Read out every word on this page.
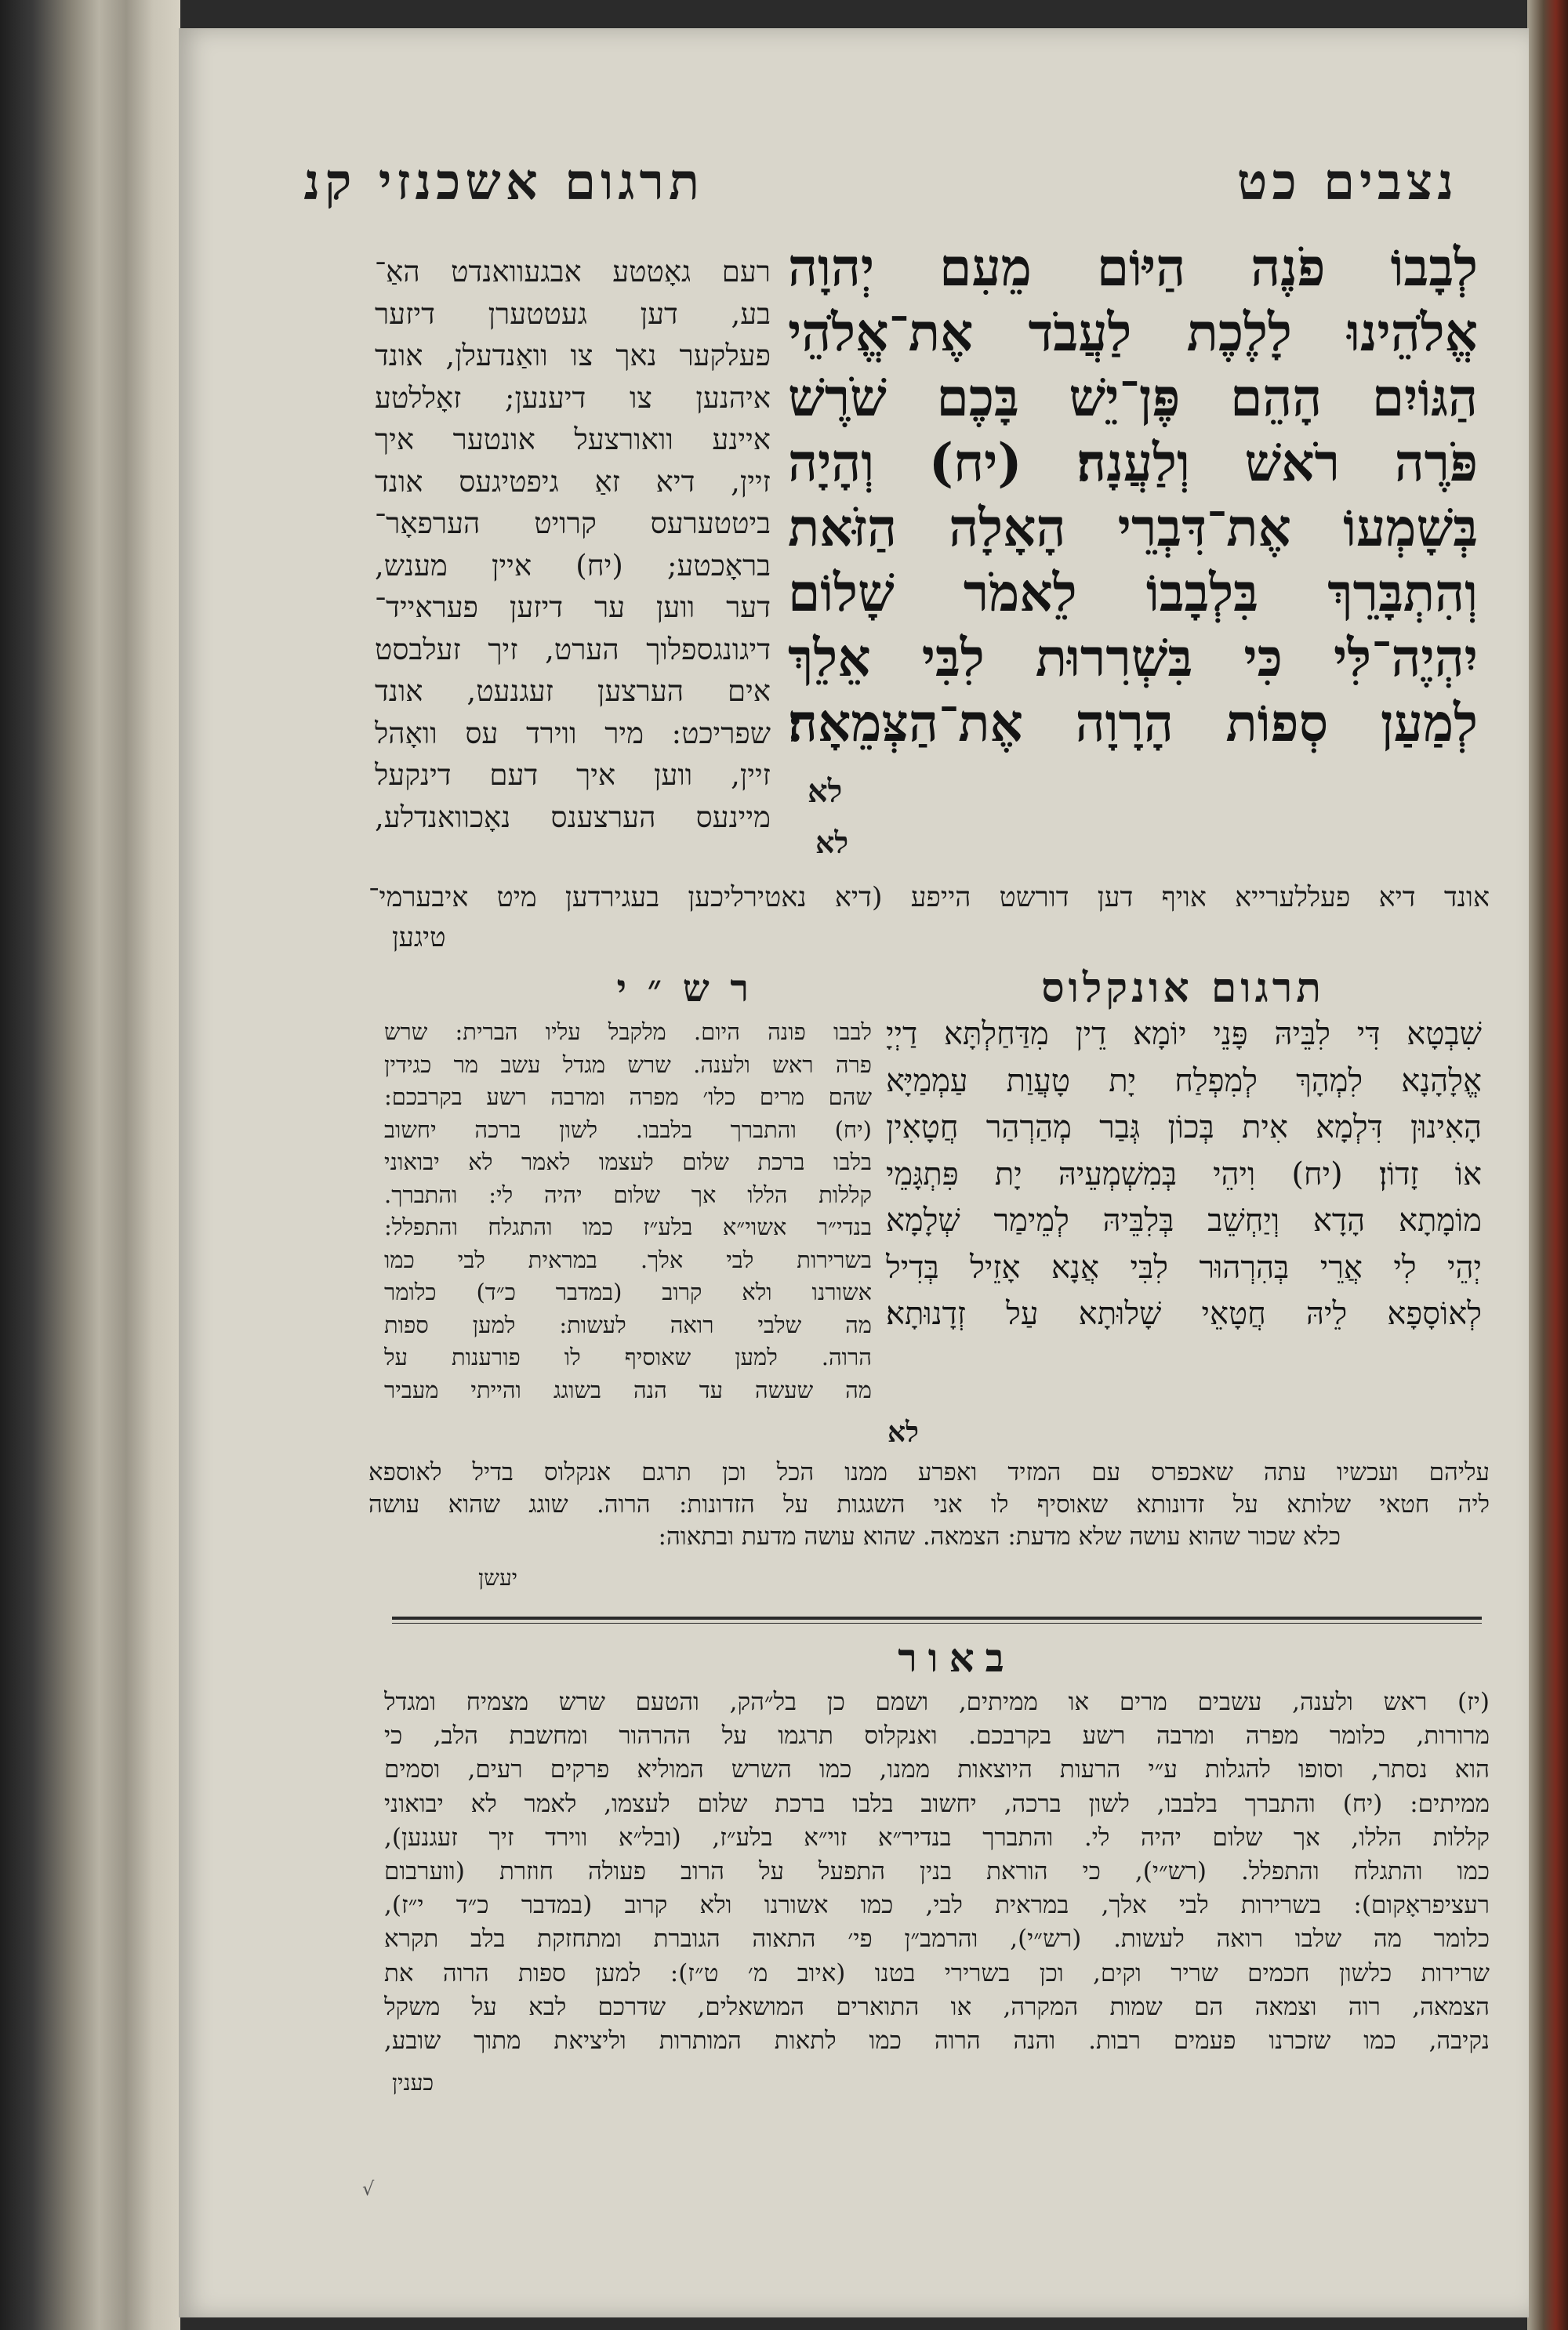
תרגום אשכנזי קנ	נצבים כט
לְבָבוֹ פֹנֶה הַיּוֹם מֵעִם יְהוָה
אֱלֹהֵינוּ לָלֶכֶת לַעֲבֹד אֶת־אֱלֹהֵי
הַגּוֹיִם הָהֵם פֶּן־יֵשׁ בָּכֶם שֹׁרֶשׁ
פֹּרֶה רֹאשׁ וְלַעֲנָה׃ (יח) וְהָיָה
בְּשָׁמְעוֹ אֶת־דִּבְרֵי הָאָלָה הַזֹּאת
וְהִתְבָּרֵךְ בִּלְבָבוֹ לֵאמֹר שָׁלוֹם
יִהְיֶה־לִּי כִּי בִּשְׁרִרוּת לִבִּי אֵלֵךְ
לְמַעַן סְפוֹת הָרָוָה אֶת־הַצְּמֵאָה׃
לא
רעם גאָטטע אבגעוואנדט האַ־
בע, דען געטטערן דיזער
פעלקער נאך צו וואַנדעלן, אונד
איהנען צו דיענען; זאָללטע
איינע וואורצעל אונטער איך
זיין, דיא זאַ גיפטיגעס אונד
ביטטערעס קרויט הערפאָר־
בראָכטע; (יח) איין מענש,
דער ווען ער דיזען פעראייד־
דיגונגספלוך הערט, זיך זעלבסט
אים הערצען זעגנעט, אונד
שפריכט: מיר ווירד עס וואָהל
זיין, ווען איך דעם דינקעל
מיינעס הערצענס נאָכוואנדלע,
לא
אונד דיא פעללערייא אויף דען דורשט הייפע (דיא נאטירליכען בעגירדען מיט איבערמי־
טיגען
תרגום אונקלוס
שִׁבְטָא דִּי לִבֵּיהּ פָּנֵי יוֹמָא דֵין מִדַּחַלְתָּא דַיְיָ
אֱלָהָנָא לִמְהָךְ לְמִפְלַח יָת טָעֲוַת עַמְמַיָּא
הָאִינוּן דִּלְמָא אִית בְּכוֹן גְּבַר מְהַרְהַר חֲטָאִין
אוֹ זָדוֹן׃ (יח) וִיהֵי בְּמִשְׁמְעֵיהּ יָת פִּתְגָּמֵי
מוֹמָתָא הָדָא וְיַחְשֵׁב בְּלִבֵּיהּ לְמֵימַר שְׁלָמָא
יְהֵי לִי אֲרֵי בְּהִרְהוּר לִבִּי אֲנָא אָזֵיל בְּדִיל
לְאוֹסָפָא לֵיהּ חֲטָאֵי שָׁלוּתָא עַל זְדָנוּתָא׃
לא
ר ש ״ י
לבבו פונה היום. מלקבל עליו הברית: שרש
פרה ראש ולענה. שרש מגדל עשב מר כגידין
שהם מרים כלו׳ מפרה ומרבה רשע בקרבכם:
(יח) והתברך בלבבו. לשון ברכה יחשוב
בלבו ברכת שלום לעצמו לאמר לא יבואוני
קללות הללו אך שלום יהיה לי: והתברך.
בנדי״ר אשוי״א בלע״ז כמו והתגלח והתפלל:
בשרירות לבי אלך. במראית לבי כמו
אשורנו ולא קרוב (במדבר כ״ד) כלומר
מה שלבי רואה לעשות: למען ספות
הרוה. למען שאוסיף לו פורענות על
מה שעשה עד הנה בשוגג והייתי מעביר
עליהם ועכשיו עתה שאכפרס עם המזיד ואפרע ממנו הכל וכן תרגם אנקלוס בדיל לאוספא
ליה חטאי שלותא על זדונותא שאוסיף לו אני השגגות על הזדונות: הרוה. שוגג שהוא עושה
כלא שכור שהוא עושה שלא מדעת: הצמאה. שהוא עושה מדעת ובתאוה:
יעשן
באור
(יז) ראש ולענה, עשבים מרים או ממיתים, ושמם כן בל״הק, והטעם שרש מצמיח ומגדל
מרורות, כלומר מפרה ומרבה רשע בקרבכם. ואנקלוס תרגמו על ההרהור ומחשבת הלב, כי
הוא נסתר, וסופו להגלות ע״י הרעות היוצאות ממנו, כמו השרש המוליא פרקים רעים, וסמים
ממיתים: (יח) והתברך בלבבו, לשון ברכה, יחשוב בלבו ברכת שלום לעצמו, לאמר לא יבואוני
קללות הללו, אך שלום יהיה לי. והתברך בנדיר״א זוי״א בלע״ז, (ובל״א ווירד זיך זעגנען),
כמו והתגלח והתפלל. (רש״י), כי הוראת בנין התפעל על הרוב פעולה חוזרת (ווערבום
רעציפראָקום): בשרירות לבי אלך, במראית לבי, כמו אשורנו ולא קרוב (במדבר כ״ד י״ז),
כלומר מה שלבו רואה לעשות. (רש״י), והרמב״ן פי׳ התאוה הגוברת ומתחזקת בלב תקרא
שרירות כלשון חכמים שריר וקים, וכן בשרירי בטנו (איוב מ׳ ט״ז): למען ספות הרוה את
הצמאה, רוה וצמאה הם שמות המקרה, או התוארים המושאלים, שדרכם לבא על משקל
נקיבה, כמו שזכרנו פעמים רבות. והנה הרוה כמו לתאות המותרות וליציאת מתוך שובע,
כענין
√
